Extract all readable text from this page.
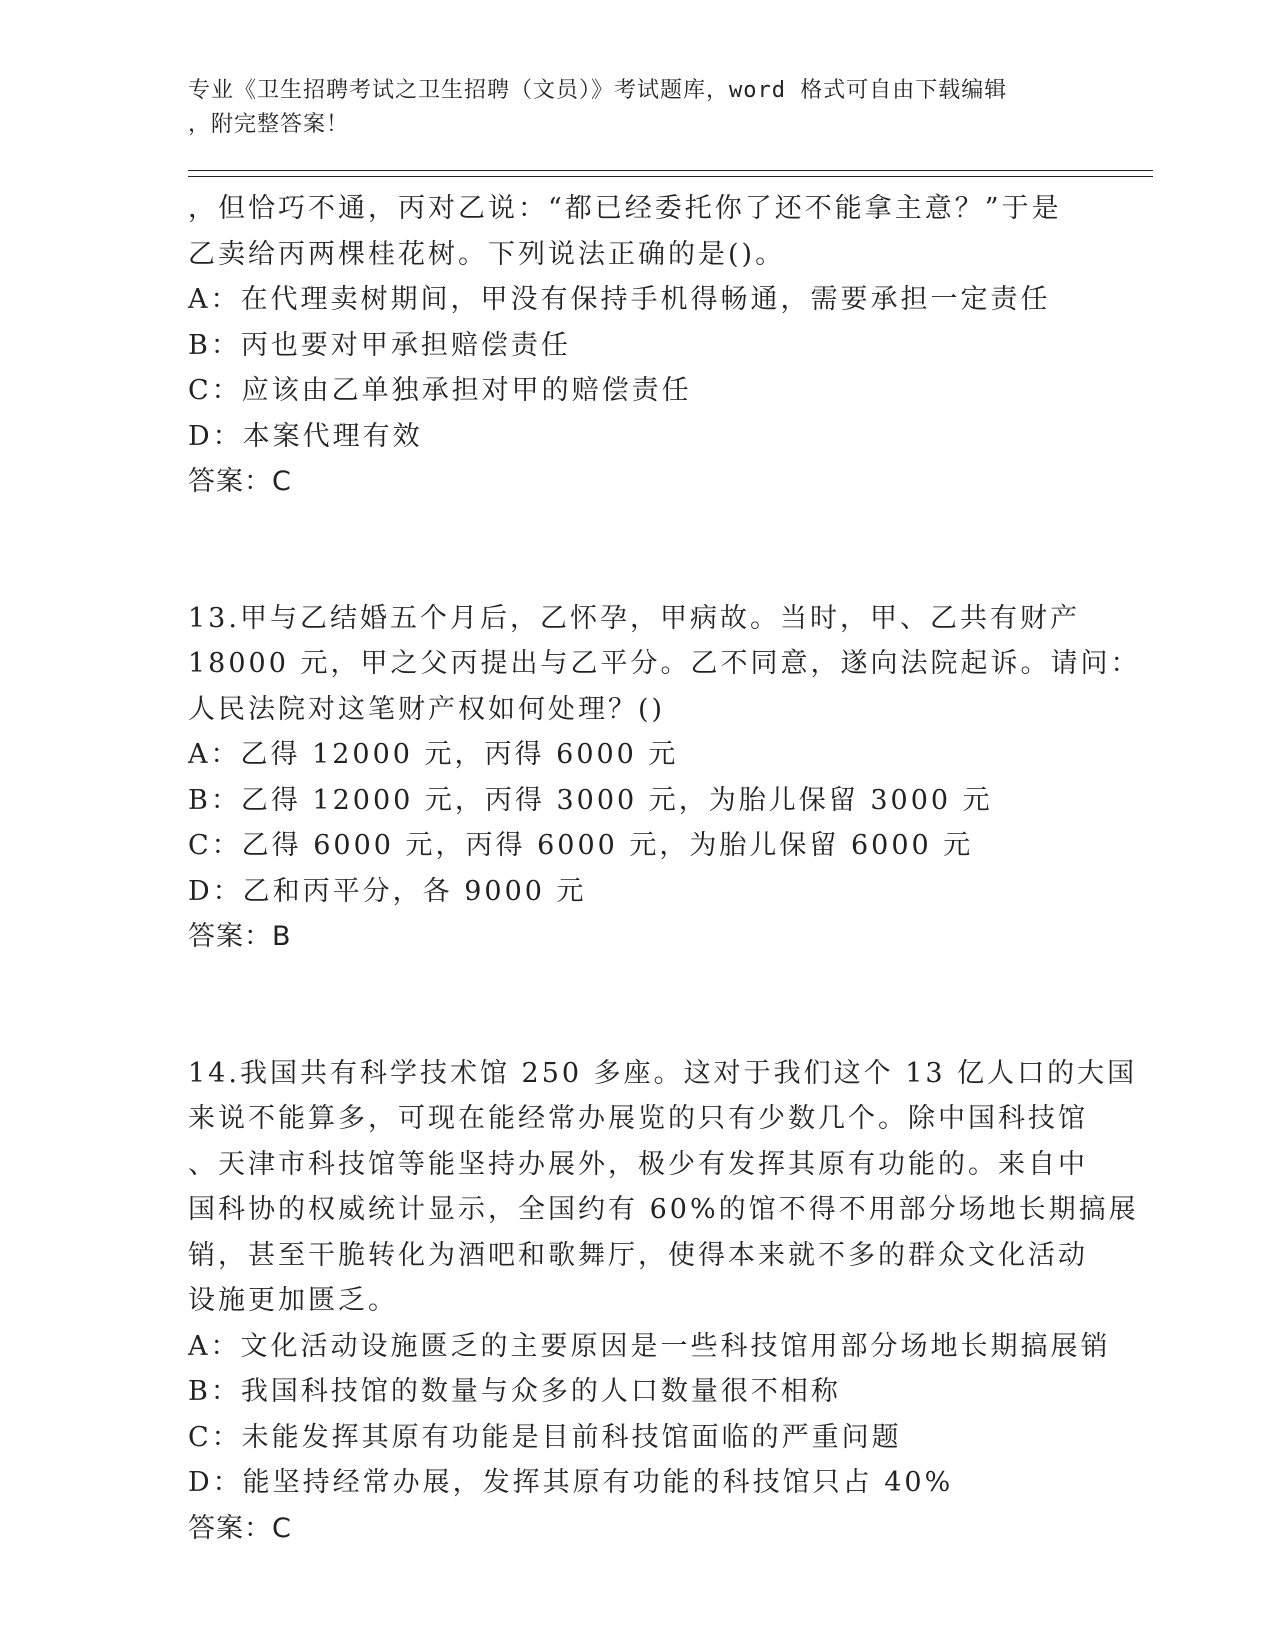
专业《卫生招聘考试之卫生招聘（文员）》考试题库，word 格式可自由下载编辑

，附完整答案！

，但恰巧不通，丙对乙说：“都已经委托你了还不能拿主意？”于是
乙卖给丙两棵桂花树。下列说法正确的是()。
A：在代理卖树期间，甲没有保持手机得畅通，需要承担一定责任
B：丙也要对甲承担赔偿责任
C：应该由乙单独承担对甲的赔偿责任
D：本案代理有效
答案：C
13.甲与乙结婚五个月后，乙怀孕，甲病故。当时，甲、乙共有财产
18000 元，甲之父丙提出与乙平分。乙不同意，遂向法院起诉。请问：
人民法院对这笔财产权如何处理？()
A：乙得 12000 元，丙得 6000 元
B：乙得 12000 元，丙得 3000 元，为胎儿保留 3000 元
C：乙得 6000 元，丙得 6000 元，为胎儿保留 6000 元
D：乙和丙平分，各 9000 元
答案：B
14.我国共有科学技术馆 250 多座。这对于我们这个 13 亿人口的大国
来说不能算多，可现在能经常办展览的只有少数几个。除中国科技馆
、天津市科技馆等能坚持办展外，极少有发挥其原有功能的。来自中
国科协的权威统计显示，全国约有 60%的馆不得不用部分场地长期搞展
销，甚至干脆转化为酒吧和歌舞厅，使得本来就不多的群众文化活动
设施更加匮乏。
A：文化活动设施匮乏的主要原因是一些科技馆用部分场地长期搞展销
B：我国科技馆的数量与众多的人口数量很不相称
C：未能发挥其原有功能是目前科技馆面临的严重问题
D：能坚持经常办展，发挥其原有功能的科技馆只占 40%
答案：C
